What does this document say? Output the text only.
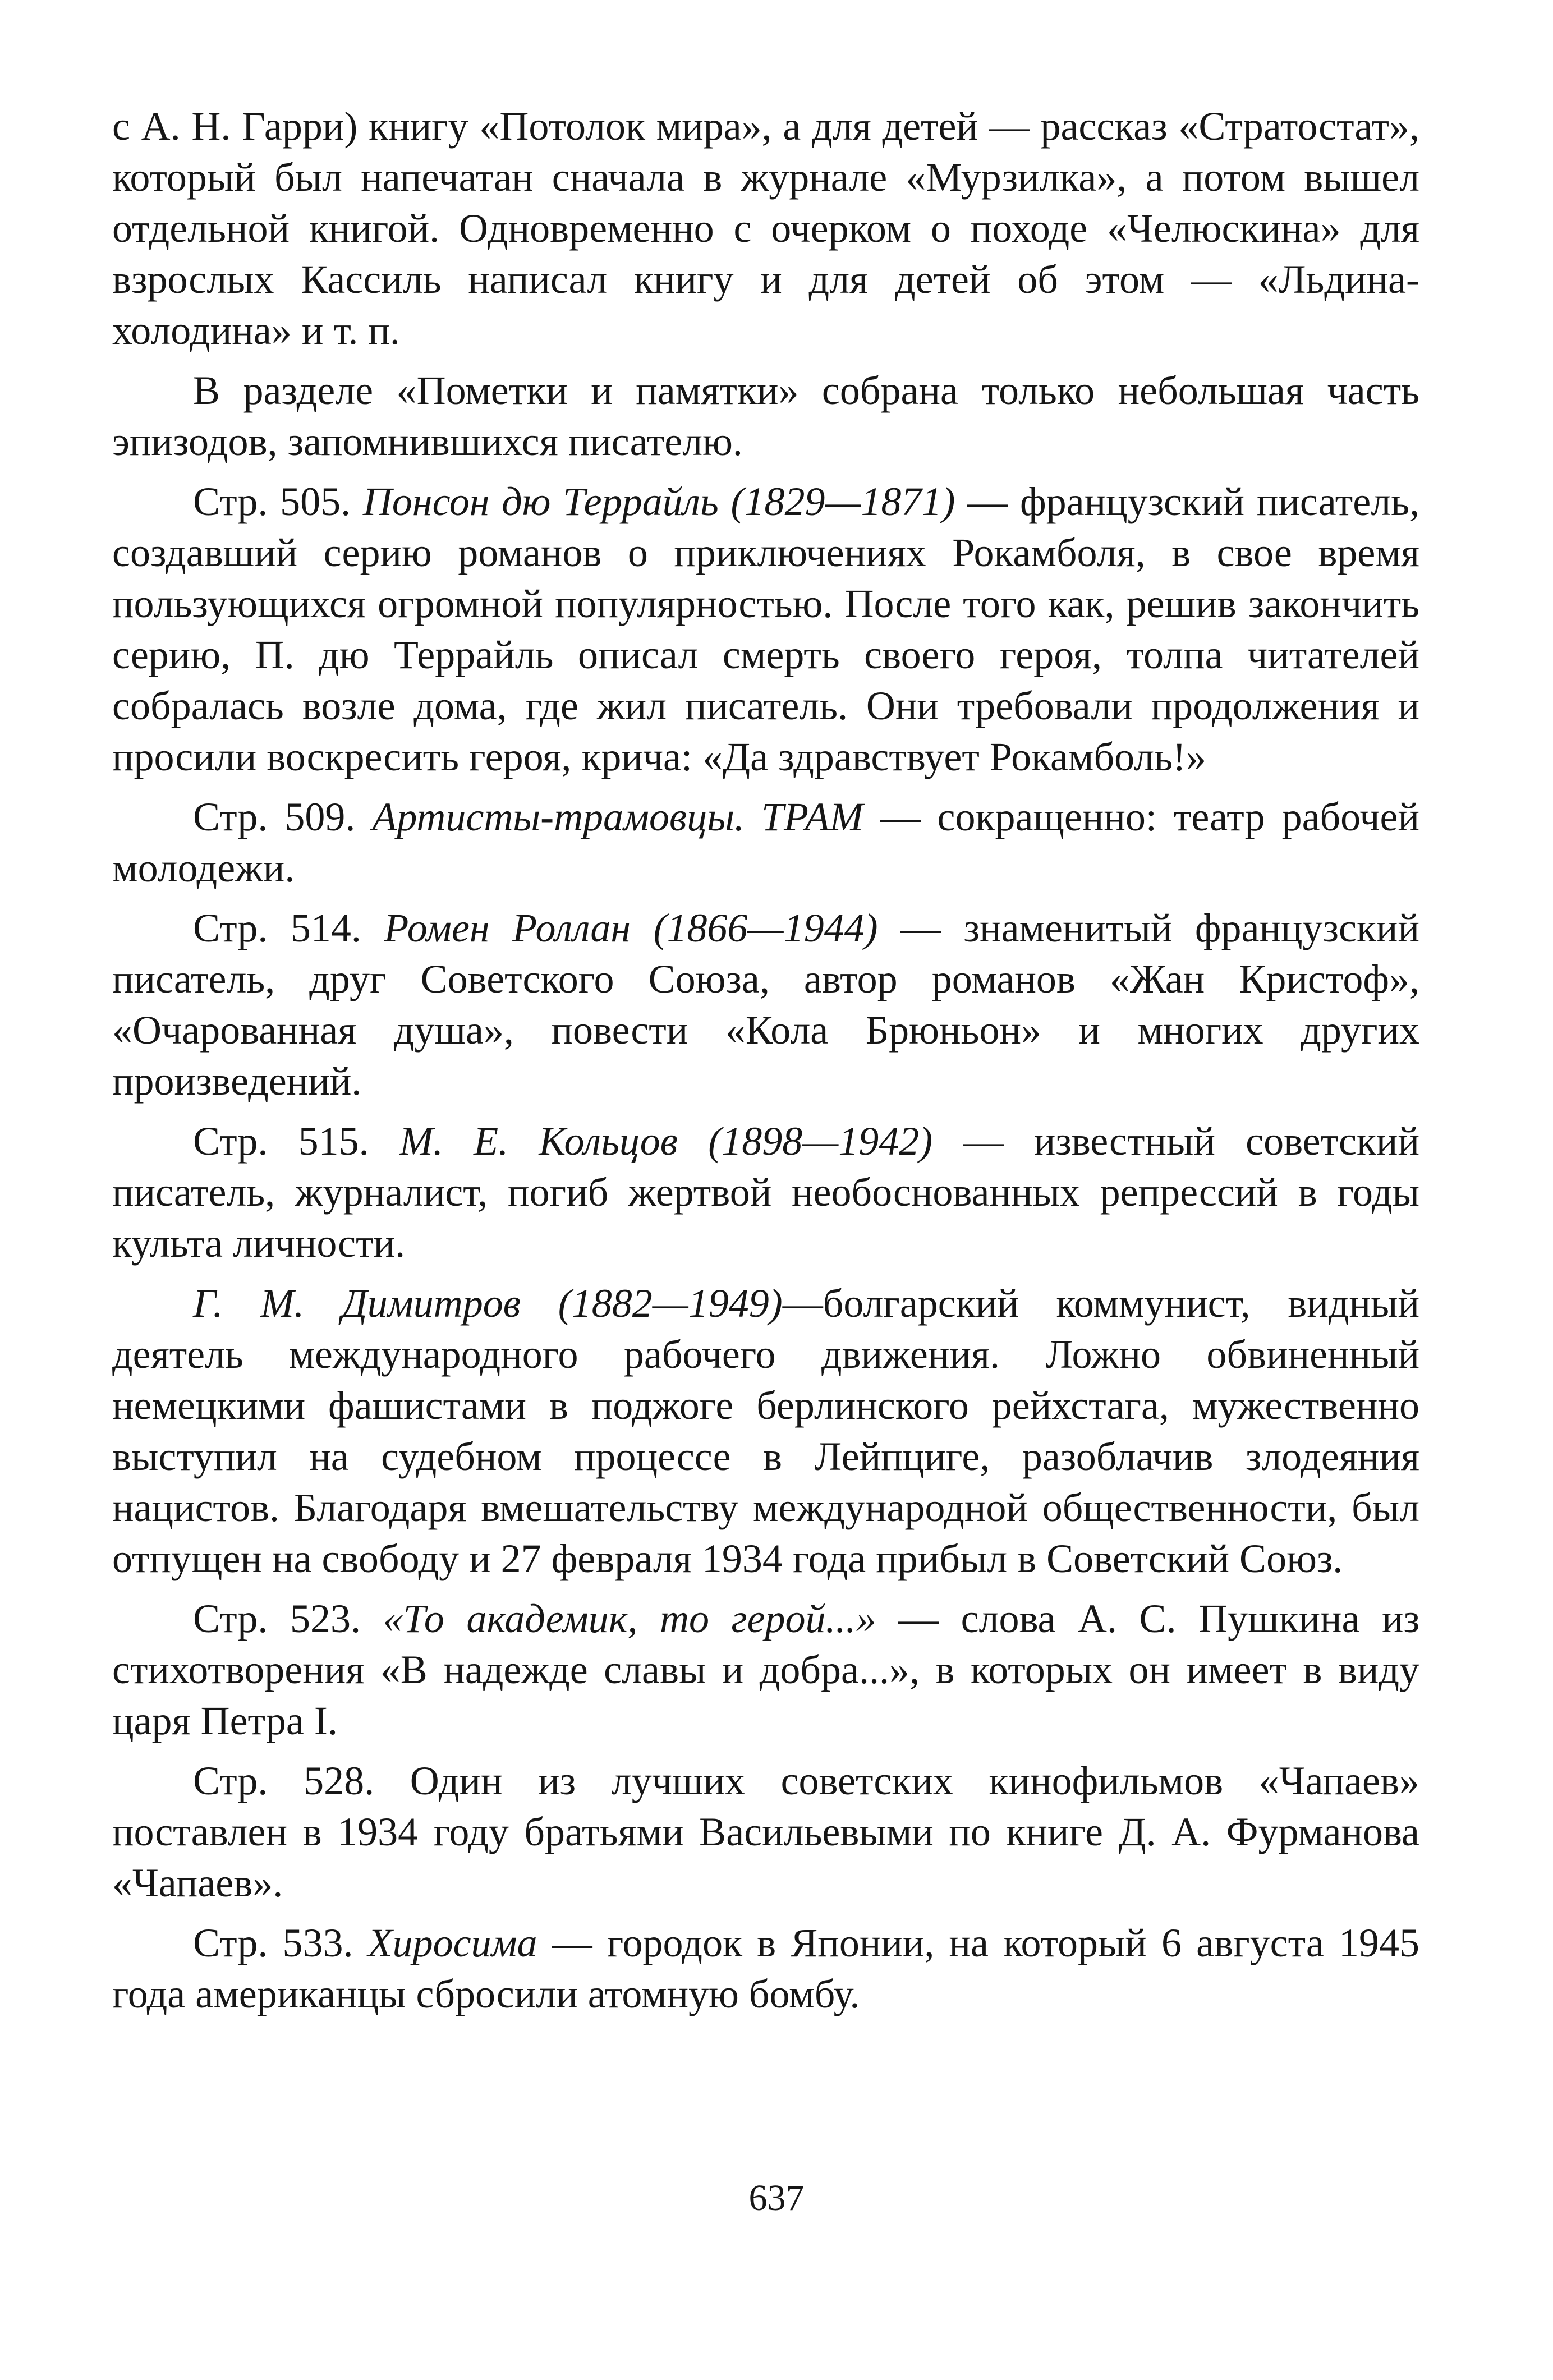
с А. Н. Гарри) книгу «Потолок мира», а для детей — рассказ «Стратостат», который был напечатан сначала в журнале «Мурзилка», а потом вышел отдельной книгой. Одновременно с очерком о походе «Челюскина» для взрослых Кассиль написал книгу и для детей об этом — «Льдина-холодина» и т. п.

В разделе «Пометки и памятки» собрана только небольшая часть эпизодов, запомнившихся писателю.

Стр. 505. Понсон дю Террайль (1829—1871) — французский писатель, создавший серию романов о приключениях Рокамболя, в свое время пользующихся огромной популярностью. После того как, решив закончить серию, П. дю Террайль описал смерть своего героя, толпа читателей собралась возле дома, где жил писатель. Они требовали продолжения и просили воскресить героя, крича: «Да здравствует Рокамболь!»

Стр. 509. Артисты-трамовцы. ТРАМ — сокращенно: театр рабочей молодежи.

Стр. 514. Ромен Роллан (1866—1944) — знаменитый французский писатель, друг Советского Союза, автор романов «Жан Кристоф», «Очарованная душа», повести «Кола Брюньон» и многих других произведений.

Стр. 515. М. Е. Кольцов (1898—1942) — известный советский писатель, журналист, погиб жертвой необоснованных репрессий в годы культа личности.

Г. М. Димитров (1882—1949)—болгарский коммунист, видный деятель международного рабочего движения. Ложно обвиненный немецкими фашистами в поджоге берлинского рейхстага, мужественно выступил на судебном процессе в Лейпциге, разоблачив злодеяния нацистов. Благодаря вмешательству международной общественности, был отпущен на свободу и 27 февраля 1934 года прибыл в Советский Союз.

Стр. 523. «То академик, то герой...» — слова А. С. Пушкина из стихотворения «В надежде славы и добра...», в которых он имеет в виду царя Петра I.

Стр. 528. Один из лучших советских кинофильмов «Чапаев» поставлен в 1934 году братьями Васильевыми по книге Д. А. Фурманова «Чапаев».

Стр. 533. Хиросима — городок в Японии, на который 6 августа 1945 года американцы сбросили атомную бомбу.

637
